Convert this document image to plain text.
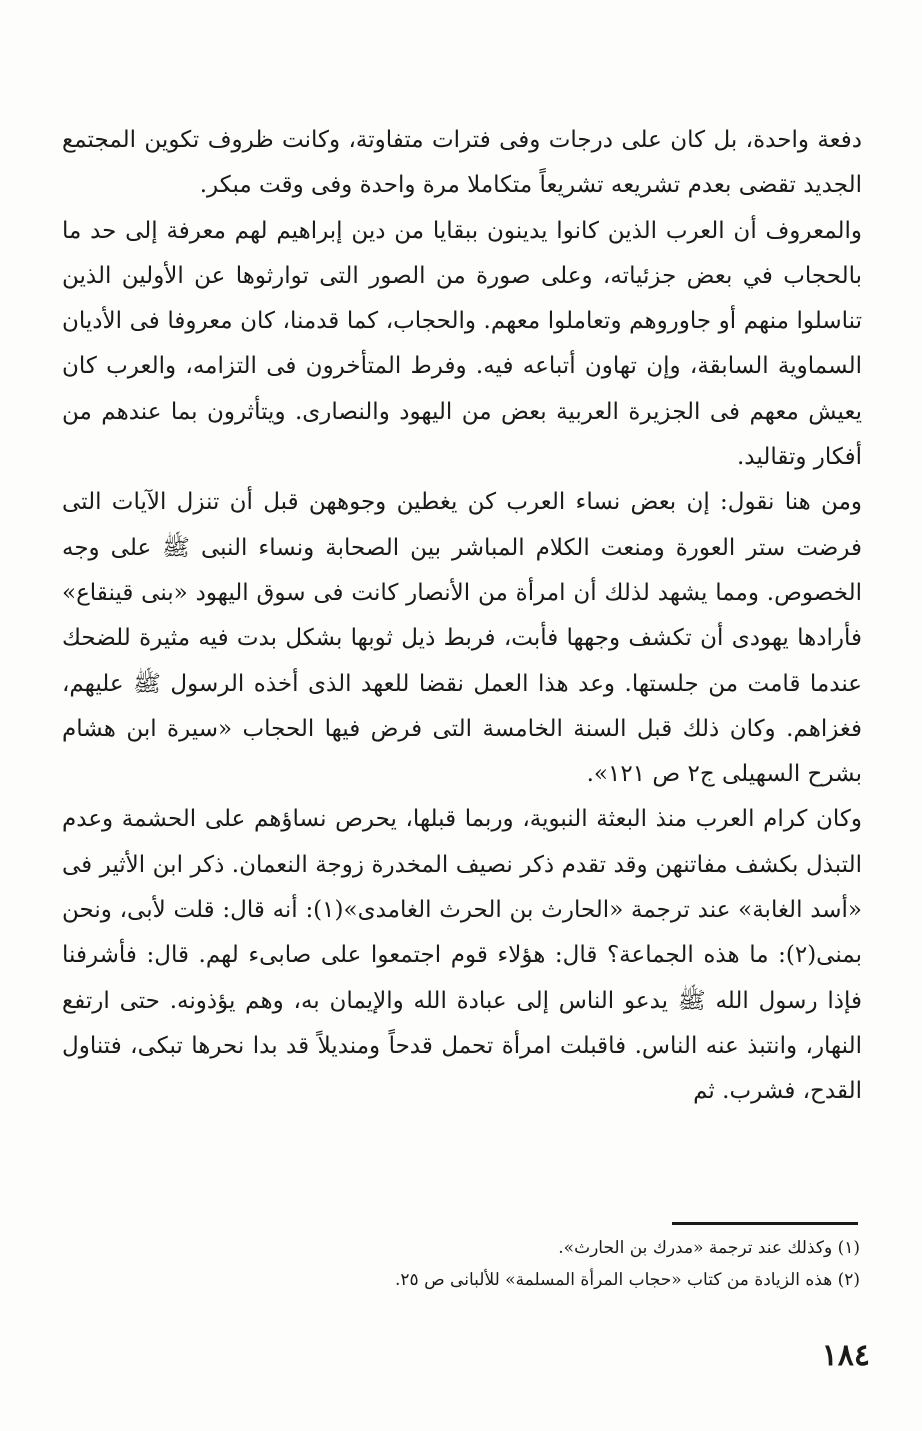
دفعة واحدة، بل كان على درجات وفى فترات متفاوتة، وكانت ظروف تكوين المجتمع الجديد تقضى بعدم تشريعه تشريعاً متكاملا مرة واحدة وفى وقت مبكر.

والمعروف أن العرب الذين كانوا يدينون ببقايا من دين إبراهيم لهم معرفة إلى حد ما بالحجاب في بعض جزئياته، وعلى صورة من الصور التى توارثوها عن الأولين الذين تناسلوا منهم أو جاوروهم وتعاملوا معهم. والحجاب، كما قدمنا، كان معروفا فى الأديان السماوية السابقة، وإن تهاون أتباعه فيه. وفرط المتأخرون فى التزامه، والعرب كان يعيش معهم فى الجزيرة العربية بعض من اليهود والنصارى. ويتأثرون بما عندهم من أفكار وتقاليد.

ومن هنا نقول: إن بعض نساء العرب كن يغطين وجوههن قبل أن تنزل الآيات التى فرضت ستر العورة ومنعت الكلام المباشر بين الصحابة ونساء النبى ﷺ على وجه الخصوص. ومما يشهد لذلك أن امرأة من الأنصار كانت فى سوق اليهود «بنى قينقاع» فأرادها يهودى أن تكشف وجهها فأبت، فربط ذيل ثوبها بشكل بدت فيه مثيرة للضحك عندما قامت من جلستها. وعد هذا العمل نقضا للعهد الذى أخذه الرسول ﷺ عليهم، فغزاهم. وكان ذلك قبل السنة الخامسة التى فرض فيها الحجاب «سيرة ابن هشام بشرح السهيلى ج٢ ص ١٢١».

وكان كرام العرب منذ البعثة النبوية، وربما قبلها، يحرص نساؤهم على الحشمة وعدم التبذل بكشف مفاتنهن وقد تقدم ذكر نصيف المخدرة زوجة النعمان. ذكر ابن الأثير فى «أسد الغابة» عند ترجمة «الحارث بن الحرث الغامدى»(١): أنه قال: قلت لأبى، ونحن بمنى(٢): ما هذه الجماعة؟ قال: هؤلاء قوم اجتمعوا على صابىء لهم. قال: فأشرفنا فإذا رسول الله ﷺ يدعو الناس إلى عبادة الله والإيمان به، وهم يؤذونه. حتى ارتفع النهار، وانتبذ عنه الناس. فاقبلت امرأة تحمل قدحاً ومنديلاً قد بدا نحرها تبكى، فتناول القدح، فشرب. ثم

(١) وكذلك عند ترجمة «مدرك بن الحارث».

(٢) هذه الزيادة من كتاب «حجاب المرأة المسلمة» للألبانى ص ٢٥.

١٨٤
